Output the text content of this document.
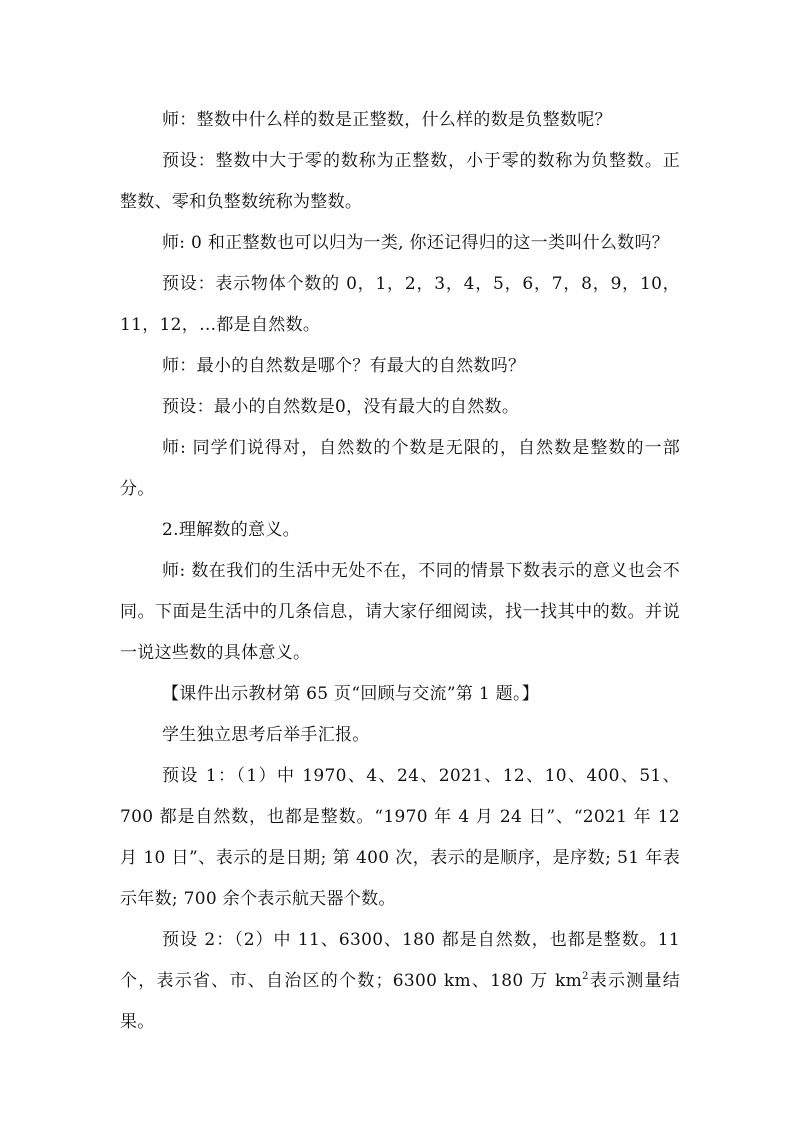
师：整数中什么样的数是正整数，什么样的数是负整数呢？

预设：整数中大于零的数称为正整数，小于零的数称为负整数。正整数、零和负整数统称为整数。

师: 0 和正整数也可以归为一类, 你还记得归的这一类叫什么数吗？

预设：表示物体个数的 0，1，2，3，4，5，6，7，8，9，10，11，12，…都是自然数。

师：最小的自然数是哪个？有最大的自然数吗？

预设：最小的自然数是0，没有最大的自然数。

师: 同学们说得对，自然数的个数是无限的，自然数是整数的一部分。

2.理解数的意义。

师: 数在我们的生活中无处不在，不同的情景下数表示的意义也会不同。下面是生活中的几条信息，请大家仔细阅读，找一找其中的数。并说一说这些数的具体意义。

【课件出示教材第 65 页“回顾与交流”第 1 题。】

学生独立思考后举手汇报。

预设 1：（1）中 1970、4、24、2021、12、10、400、51、700 都是自然数，也都是整数。“1970 年 4 月 24 日”、“2021 年 12 月 10 日”、表示的是日期; 第 400 次，表示的是顺序，是序数; 51 年表示年数; 700 余个表示航天器个数。

预设 2：（2）中 11、6300、180 都是自然数，也都是整数。11 个，表示省、市、自治区的个数；6300 km、180 万 $km^2$表示测量结果。
